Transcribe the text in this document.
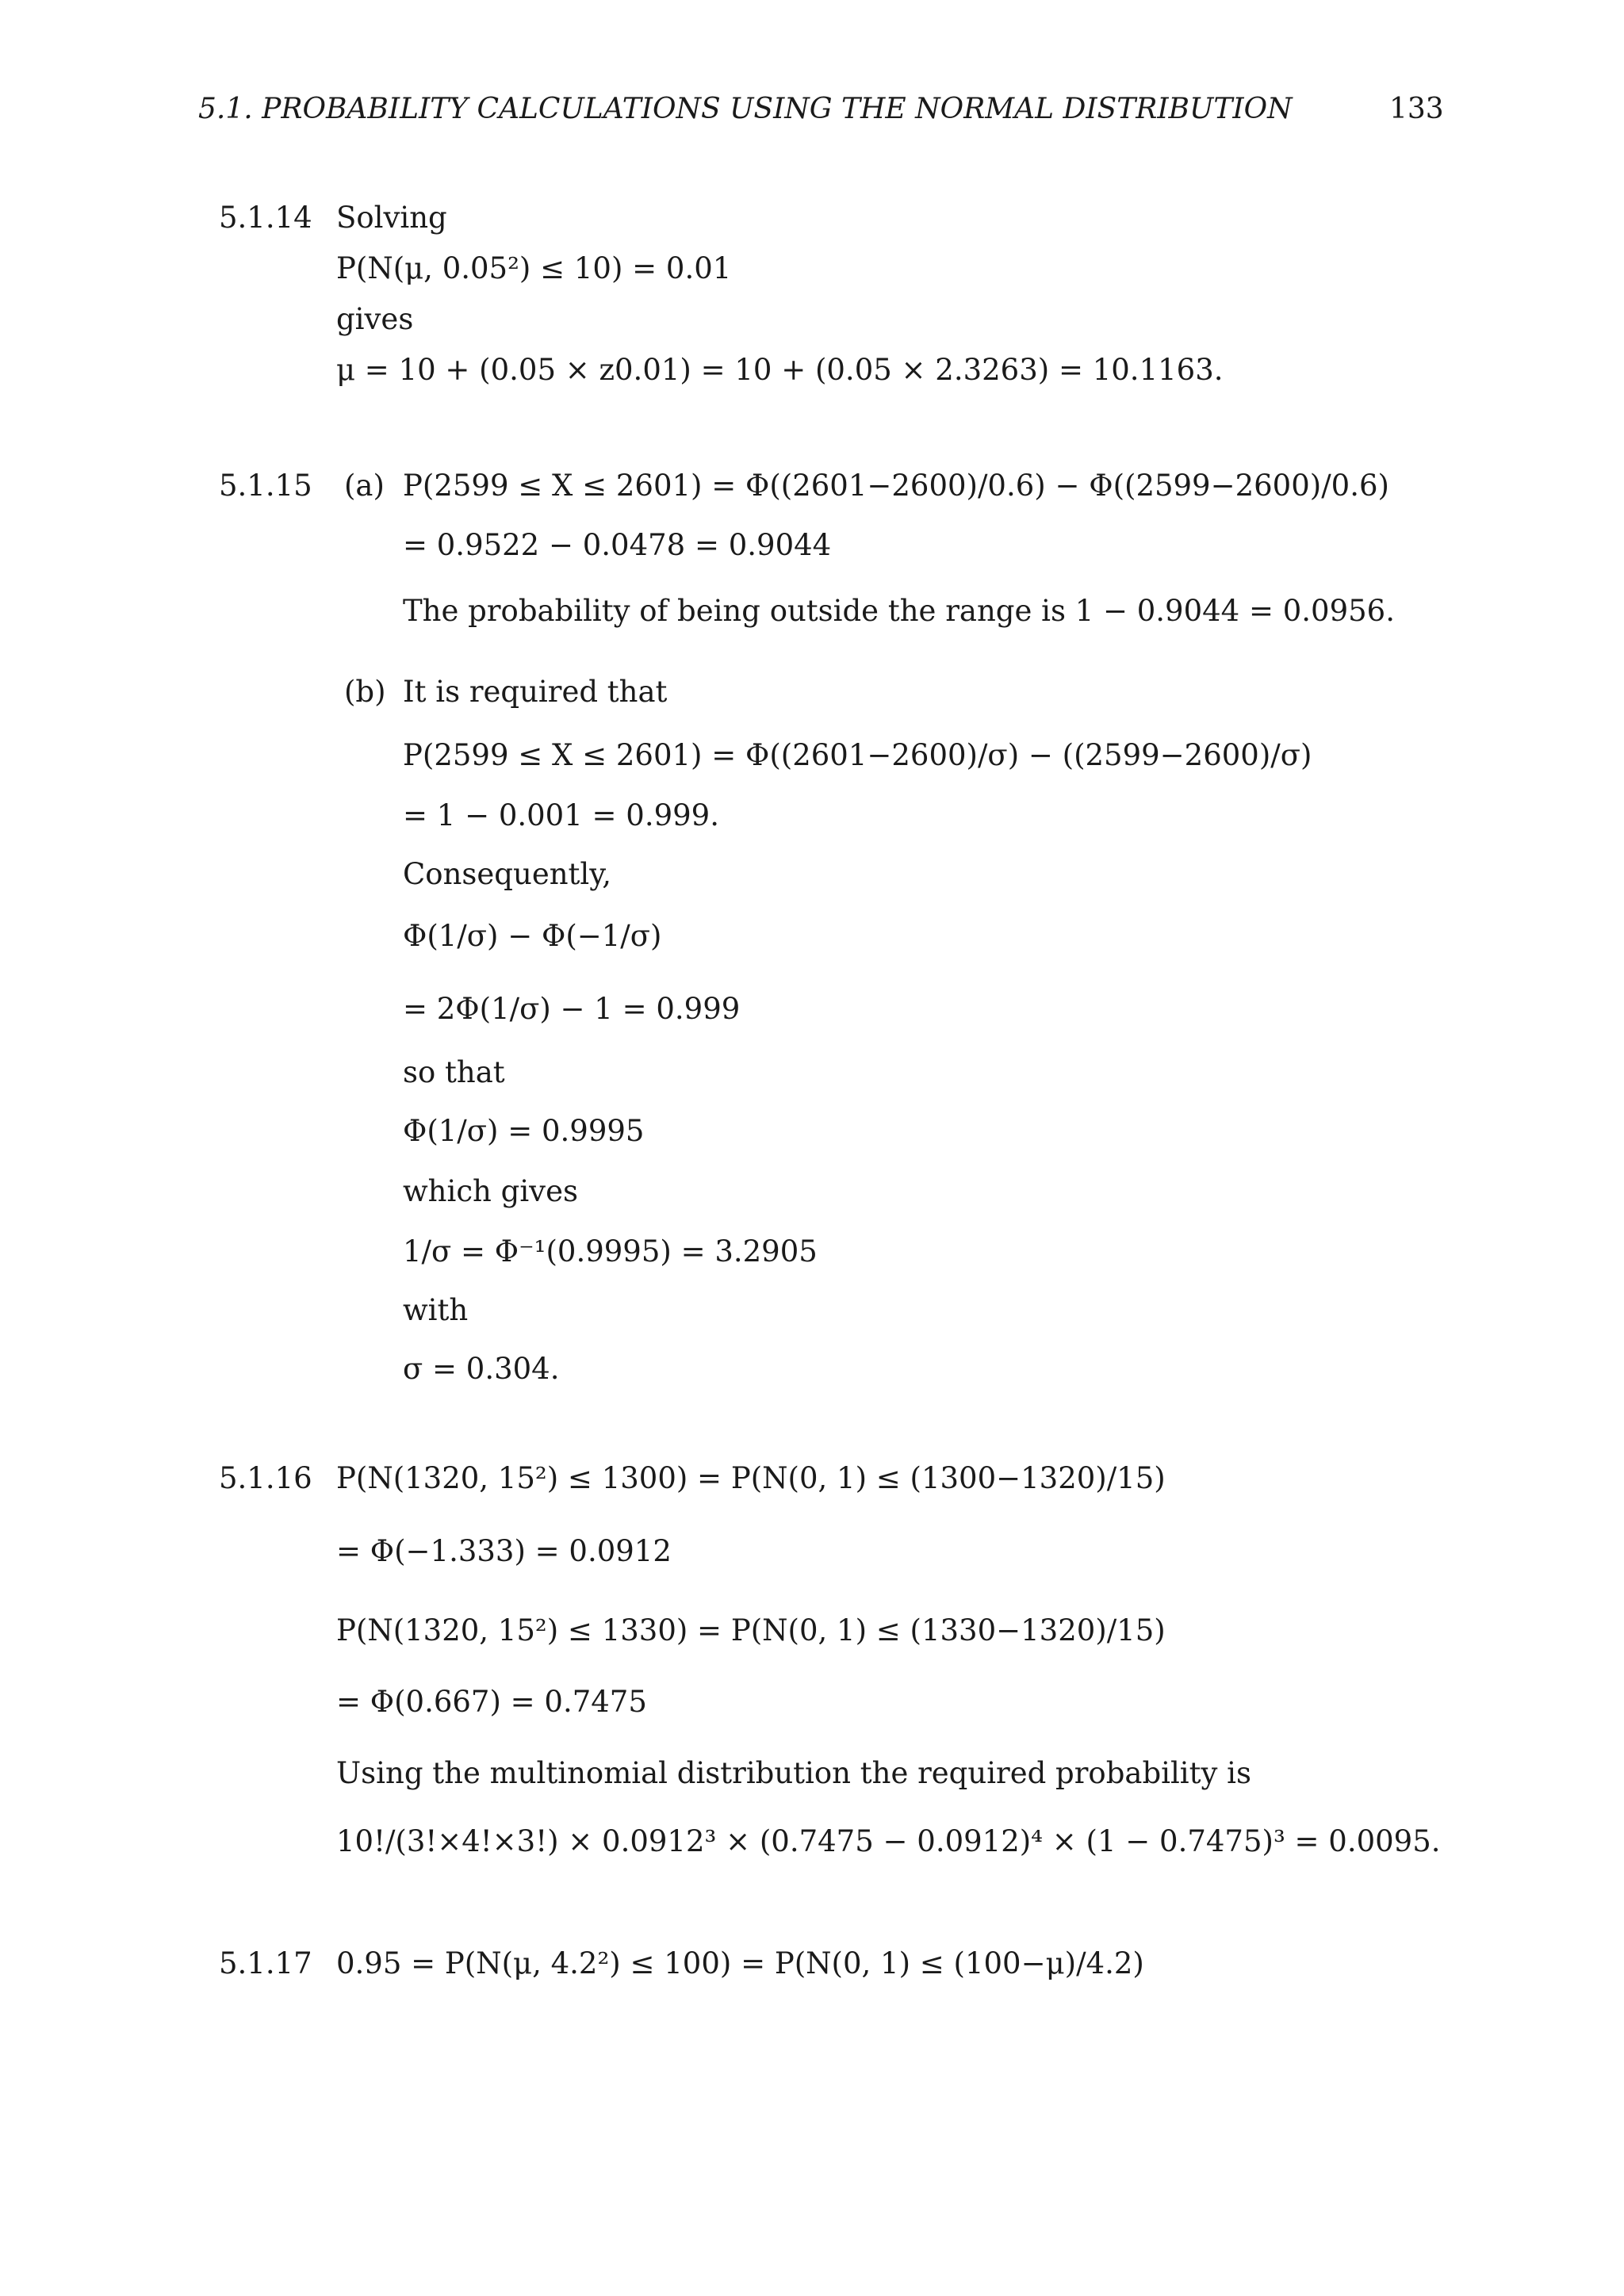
5.1. PROBABILITY CALCULATIONS USING THE NORMAL DISTRIBUTION	133
5.1.14 Solving
P(N(μ, 0.05²) ≤ 10) = 0.01
gives
μ = 10 + (0.05 × z0.01) = 10 + (0.05 × 2.3263) = 10.1163.
5.1.15 (a) P(2599 ≤ X ≤ 2601) = Φ((2601−2600)/0.6) − Φ((2599−2600)/0.6)
= 0.9522 − 0.0478 = 0.9044
The probability of being outside the range is 1 − 0.9044 = 0.0956.
(b) It is required that
P(2599 ≤ X ≤ 2601) = Φ((2601−2600)/σ) − ((2599−2600)/σ)
= 1 − 0.001 = 0.999.
Consequently,
Φ(1/σ) − Φ(−1/σ)
= 2Φ(1/σ) − 1 = 0.999
so that
Φ(1/σ) = 0.9995
which gives
1/σ = Φ⁻¹(0.9995) = 3.2905
with
σ = 0.304.
5.1.16 P(N(1320, 15²) ≤ 1300) = P(N(0, 1) ≤ (1300−1320)/15)
= Φ(−1.333) = 0.0912
P(N(1320, 15²) ≤ 1330) = P(N(0, 1) ≤ (1330−1320)/15)
= Φ(0.667) = 0.7475
Using the multinomial distribution the required probability is
10!/(3!×4!×3!) × 0.0912³ × (0.7475 − 0.0912)⁴ × (1 − 0.7475)³ = 0.0095.
5.1.17 0.95 = P(N(μ, 4.2²) ≤ 100) = P(N(0, 1) ≤ (100−μ)/4.2)
